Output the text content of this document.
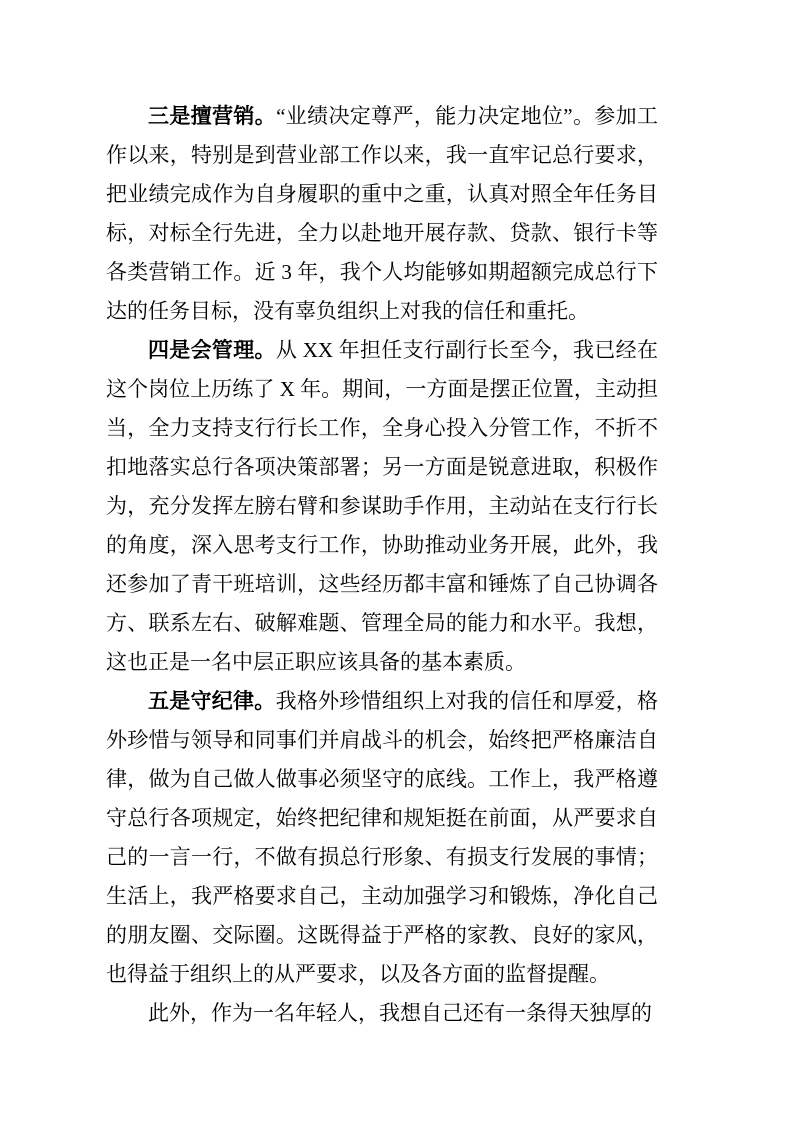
三是擅营销。“业绩决定尊严，能力决定地位”。参加工作以来，特别是到营业部工作以来，我一直牢记总行要求，把业绩完成作为自身履职的重中之重，认真对照全年任务目标，对标全行先进，全力以赴地开展存款、贷款、银行卡等各类营销工作。近 3 年，我个人均能够如期超额完成总行下达的任务目标，没有辜负组织上对我的信任和重托。

四是会管理。从 XX 年担任支行副行长至今，我已经在这个岗位上历练了 X 年。期间，一方面是摆正位置，主动担当，全力支持支行行长工作，全身心投入分管工作，不折不扣地落实总行各项决策部署；另一方面是锐意进取，积极作为，充分发挥左膀右臂和参谋助手作用，主动站在支行行长的角度，深入思考支行工作，协助推动业务开展，此外，我还参加了青干班培训，这些经历都丰富和锤炼了自己协调各方、联系左右、破解难题、管理全局的能力和水平。我想，这也正是一名中层正职应该具备的基本素质。

五是守纪律。我格外珍惜组织上对我的信任和厚爱，格外珍惜与领导和同事们并肩战斗的机会，始终把严格廉洁自律，做为自己做人做事必须坚守的底线。工作上，我严格遵守总行各项规定，始终把纪律和规矩挺在前面，从严要求自己的一言一行，不做有损总行形象、有损支行发展的事情；生活上，我严格要求自己，主动加强学习和锻炼，净化自己的朋友圈、交际圈。这既得益于严格的家教、良好的家风，也得益于组织上的从严要求，以及各方面的监督提醒。

此外，作为一名年轻人，我想自己还有一条得天独厚的
